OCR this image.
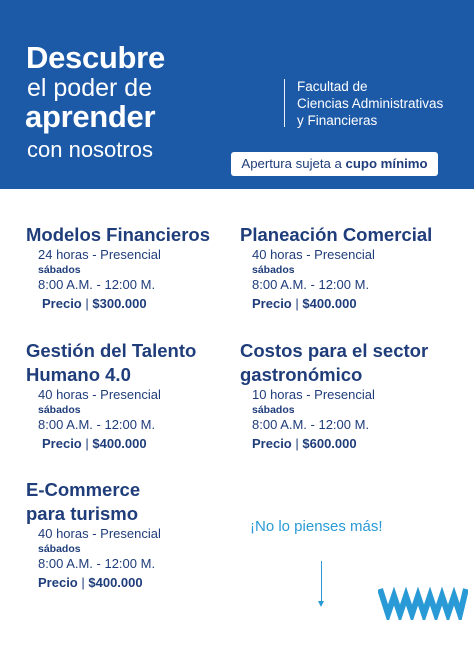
Descubre
el poder de
aprender
con nosotros
Facultad de
Ciencias Administrativas
y Financieras
Apertura sujeta a cupo mínimo
Modelos Financieros
24 horas - Presencial
sábados
8:00 A.M. - 12:00 M.
Precio | $300.000
Planeación Comercial
40 horas - Presencial
sábados
8:00 A.M. - 12:00 M.
Precio | $400.000
Gestión del Talento
Humano 4.0
40 horas - Presencial
sábados
8:00 A.M. - 12:00 M.
Precio | $400.000
Costos para el sector
gastronómico
10 horas - Presencial
sábados
8:00 A.M. - 12:00 M.
Precio | $600.000
E-Commerce
para turismo
40 horas - Presencial
sábados
8:00 A.M. - 12:00 M.
Precio | $400.000
¡No lo pienses más!
